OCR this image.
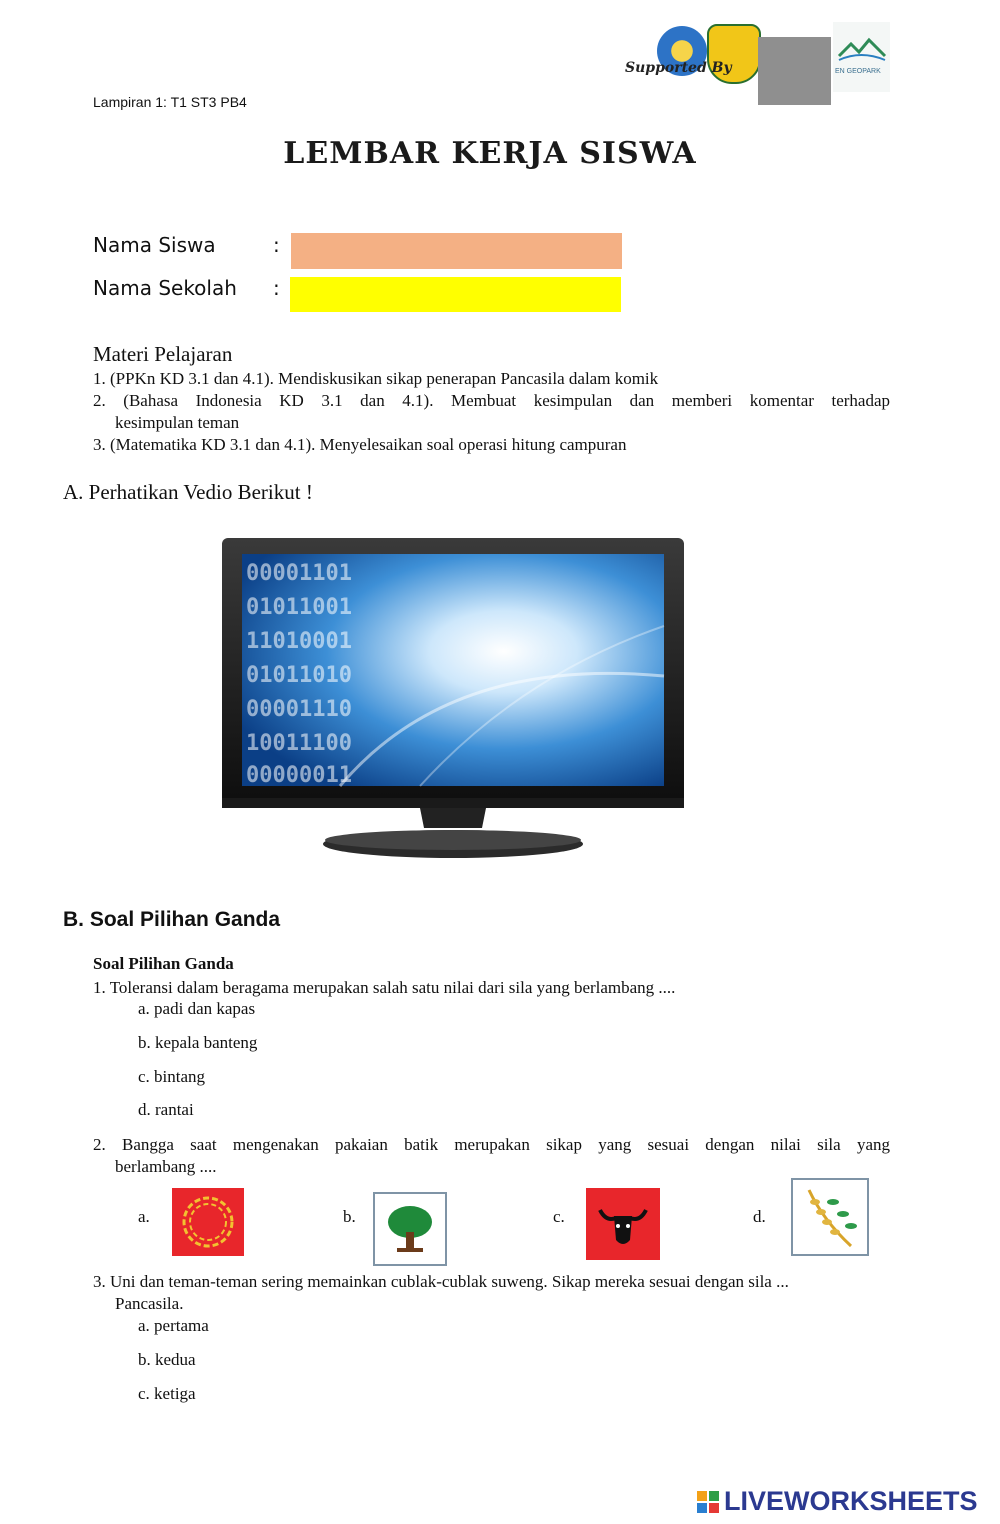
EN GEOPARK
Supported By
Lampiran 1: T1 ST3 PB4
LEMBAR KERJA SISWA
Nama Siswa	:
Nama Sekolah :
Materi Pelajaran
1. (PPKn KD 3.1 dan 4.1). Mendiskusikan sikap penerapan Pancasila dalam komik
2. (Bahasa Indonesia KD 3.1 dan 4.1). Membuat kesimpulan dan memberi komentar terhadap
kesimpulan teman
3. (Matematika KD 3.1 dan 4.1). Menyelesaikan soal operasi hitung campuran
A. Perhatikan Vedio Berikut !
00001101
01011001
11010001
01011010
00001110
10011100
00000011
B. Soal Pilihan Ganda
Soal Pilihan Ganda
1. Toleransi dalam beragama merupakan salah satu nilai dari sila yang berlambang ....
a. padi dan kapas
b. kepala banteng
c. bintang
d. rantai
2. Bangga saat mengenakan pakaian batik merupakan sikap yang sesuai dengan nilai sila yang
berlambang ....
a.	b.	c.	d.
3. Uni dan teman-teman sering memainkan cublak-cublak suweng. Sikap mereka sesuai dengan sila ...
Pancasila.
a. pertama
b. kedua
c. ketiga
LIVEWORKSHEETS
